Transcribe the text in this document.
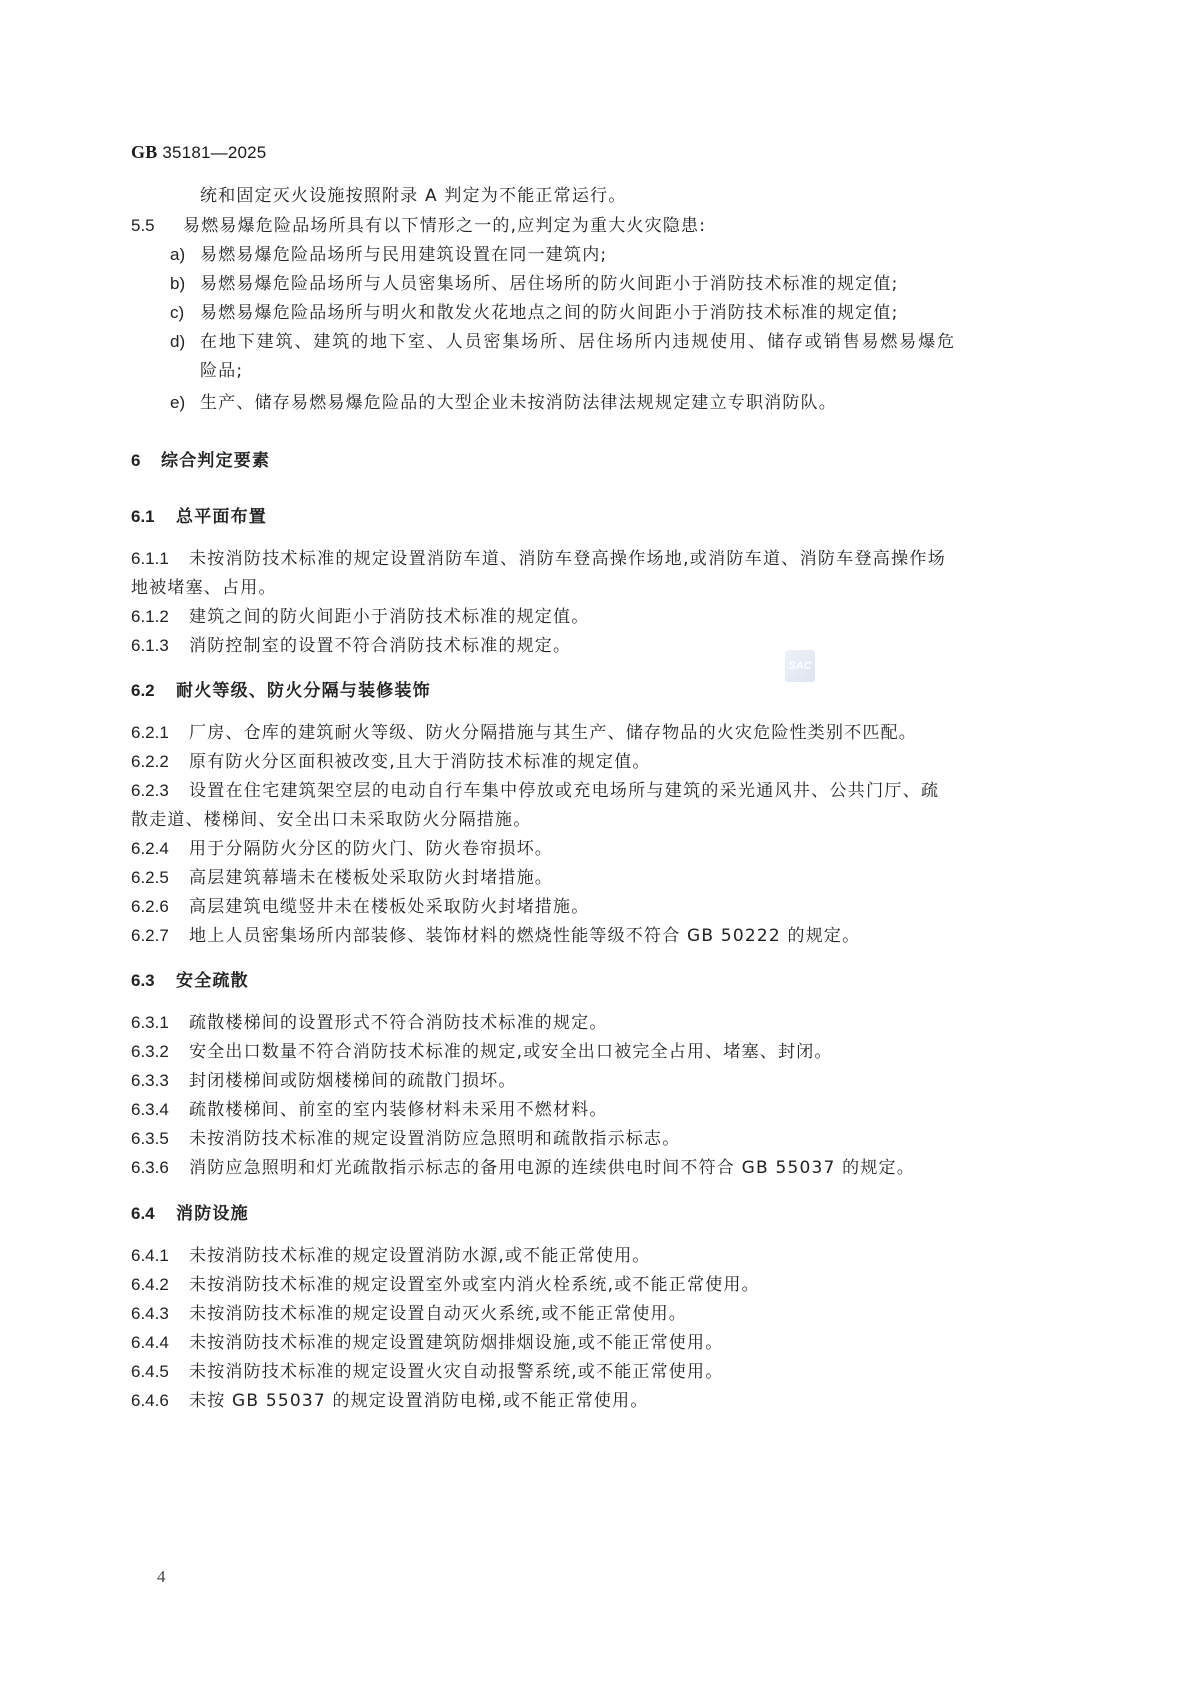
GB 35181—2025
统和固定灭火设施按照附录 A 判定为不能正常运行。
5.5 易燃易爆危险品场所具有以下情形之一的,应判定为重大火灾隐患:
a) 易燃易爆危险品场所与民用建筑设置在同一建筑内;
b) 易燃易爆危险品场所与人员密集场所、居住场所的防火间距小于消防技术标准的规定值;
c) 易燃易爆危险品场所与明火和散发火花地点之间的防火间距小于消防技术标准的规定值;
d) 在地下建筑、建筑的地下室、人员密集场所、居住场所内违规使用、储存或销售易燃易爆危
险品;
e) 生产、储存易燃易爆危险品的大型企业未按消防法律法规规定建立专职消防队。
6 综合判定要素
6.1 总平面布置
6.1.1 未按消防技术标准的规定设置消防车道、消防车登高操作场地,或消防车道、消防车登高操作场
地被堵塞、占用。
6.1.2 建筑之间的防火间距小于消防技术标准的规定值。
6.1.3 消防控制室的设置不符合消防技术标准的规定。
SAC
6.2 耐火等级、防火分隔与装修装饰
6.2.1 厂房、仓库的建筑耐火等级、防火分隔措施与其生产、储存物品的火灾危险性类别不匹配。
6.2.2 原有防火分区面积被改变,且大于消防技术标准的规定值。
6.2.3 设置在住宅建筑架空层的电动自行车集中停放或充电场所与建筑的采光通风井、公共门厅、疏
散走道、楼梯间、安全出口未采取防火分隔措施。
6.2.4 用于分隔防火分区的防火门、防火卷帘损坏。
6.2.5 高层建筑幕墙未在楼板处采取防火封堵措施。
6.2.6 高层建筑电缆竖井未在楼板处采取防火封堵措施。
6.2.7 地上人员密集场所内部装修、装饰材料的燃烧性能等级不符合 GB 50222 的规定。
6.3 安全疏散
6.3.1 疏散楼梯间的设置形式不符合消防技术标准的规定。
6.3.2 安全出口数量不符合消防技术标准的规定,或安全出口被完全占用、堵塞、封闭。
6.3.3 封闭楼梯间或防烟楼梯间的疏散门损坏。
6.3.4 疏散楼梯间、前室的室内装修材料未采用不燃材料。
6.3.5 未按消防技术标准的规定设置消防应急照明和疏散指示标志。
6.3.6 消防应急照明和灯光疏散指示标志的备用电源的连续供电时间不符合 GB 55037 的规定。
6.4 消防设施
6.4.1 未按消防技术标准的规定设置消防水源,或不能正常使用。
6.4.2 未按消防技术标准的规定设置室外或室内消火栓系统,或不能正常使用。
6.4.3 未按消防技术标准的规定设置自动灭火系统,或不能正常使用。
6.4.4 未按消防技术标准的规定设置建筑防烟排烟设施,或不能正常使用。
6.4.5 未按消防技术标准的规定设置火灾自动报警系统,或不能正常使用。
6.4.6 未按 GB 55037 的规定设置消防电梯,或不能正常使用。
4
